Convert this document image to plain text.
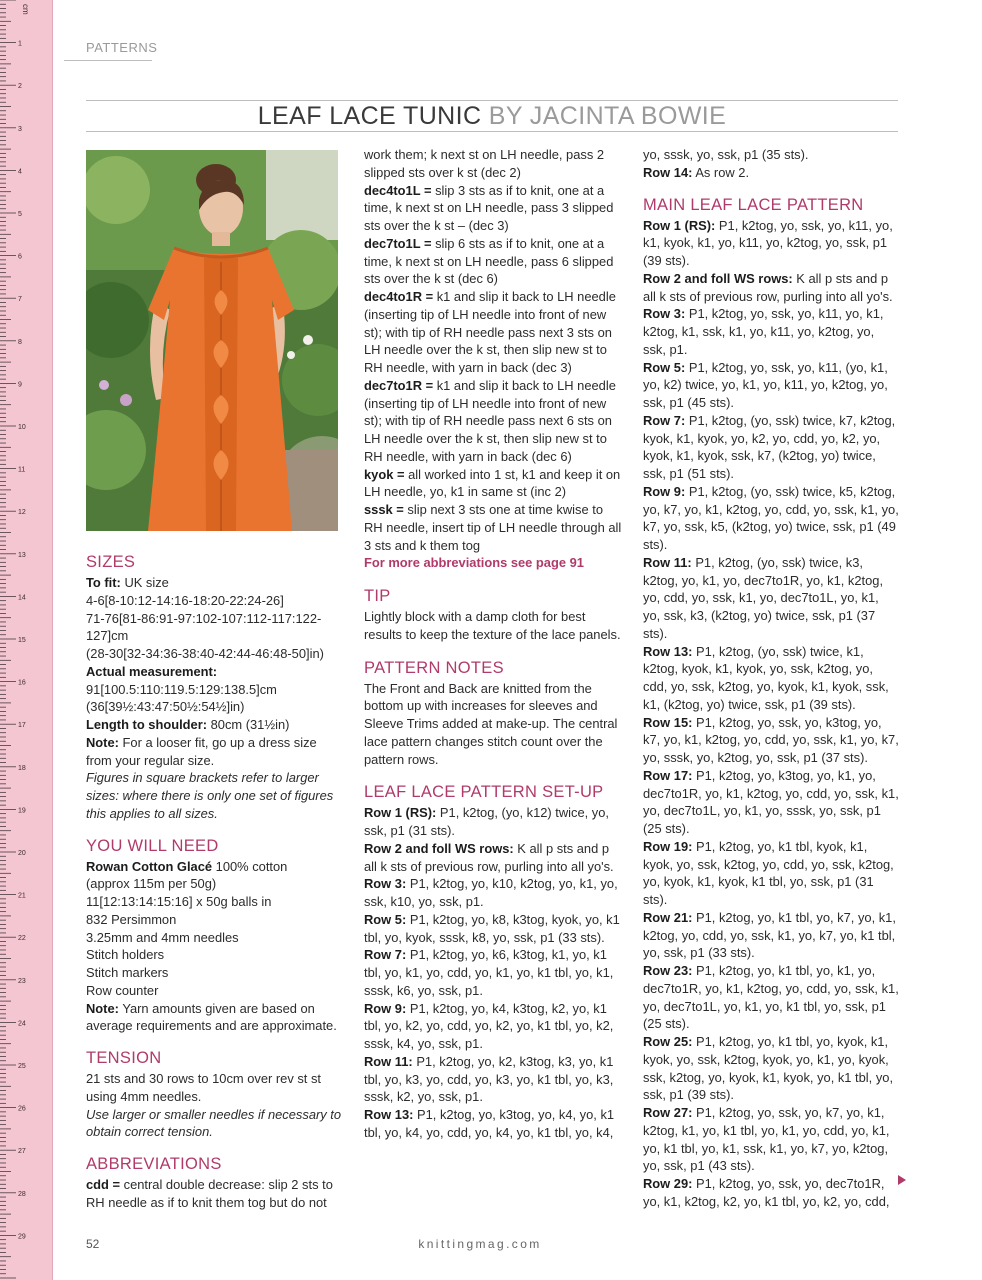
1
2
3
4
5
6
7
8
9
10
11
12
13
14
15
16
17
18
19
20
21
22
23
24
25
26
27
28
29
cm
PATTERNS
LEAF LACE TUNIC BY JACINTA BOWIE
SIZES

To fit: UK size

4-6[8-10:12-14:16-18:20-22:24-26]

71-76[81-86:91-97:102-107:112-117:122-127]cm

(28-30[32-34:36-38:40-42:44-46:48-50]in)

Actual measurement:

91[100.5:110:119.5:129:138.5]cm

(36[39½:43:47:50½:54½]in)

Length to shoulder: 80cm (31½in)

Note: For a looser fit, go up a dress size from your regular size.

Figures in square brackets refer to larger sizes: where there is only one set of figures this applies to all sizes.

YOU WILL NEED

Rowan Cotton Glacé 100% cotton

(approx 115m per 50g)

11[12:13:14:15:16] x 50g balls in

832 Persimmon

3.25mm and 4mm needles

Stitch holders

Stitch markers

Row counter

Note: Yarn amounts given are based on average requirements and are approximate.

TENSION

21 sts and 30 rows to 10cm over rev st st using 4mm needles.

Use larger or smaller needles if necessary to obtain correct tension.

ABBREVIATIONS

cdd = central double decrease: slip 2 sts to RH needle as if to knit them tog but do not

work them; k next st on LH needle, pass 2 slipped sts over k st (dec 2)

dec4to1L = slip 3 sts as if to knit, one at a time, k next st on LH needle, pass 3 slipped sts over the k st – (dec 3)

dec7to1L = slip 6 sts as if to knit, one at a time, k next st on LH needle, pass 6 slipped sts over the k st (dec 6)

dec4to1R = k1 and slip it back to LH needle (inserting tip of LH needle into front of new st); with tip of RH needle pass next 3 sts on LH needle over the k st, then slip new st to RH needle, with yarn in back (dec 3)

dec7to1R = k1 and slip it back to LH needle (inserting tip of LH needle into front of new st); with tip of RH needle pass next 6 sts on LH needle over the k st, then slip new st to RH needle, with yarn in back (dec 6)

kyok = all worked into 1 st, k1 and keep it on LH needle, yo, k1 in same st (inc 2)

sssk = slip next 3 sts one at time kwise to RH needle, insert tip of LH needle through all 3 sts and k them tog

For more abbreviations see page 91

TIP

Lightly block with a damp cloth for best results to keep the texture of the lace panels.

PATTERN NOTES

The Front and Back are knitted from the bottom up with increases for sleeves and Sleeve Trims added at make-up. The central lace pattern changes stitch count over the pattern rows.

LEAF LACE PATTERN SET-UP

Row 1 (RS): P1, k2tog, (yo, k12) twice, yo, ssk, p1 (31 sts).

Row 2 and foll WS rows: K all p sts and p all k sts of previous row, purling into all yo's.

Row 3: P1, k2tog, yo, k10, k2tog, yo, k1, yo, ssk, k10, yo, ssk, p1.

Row 5: P1, k2tog, yo, k8, k3tog, kyok, yo, k1 tbl, yo, kyok, sssk, k8, yo, ssk, p1 (33 sts).

Row 7: P1, k2tog, yo, k6, k3tog, k1, yo, k1 tbl, yo, k1, yo, cdd, yo, k1, yo, k1 tbl, yo, k1, sssk, k6, yo, ssk, p1.

Row 9: P1, k2tog, yo, k4, k3tog, k2, yo, k1 tbl, yo, k2, yo, cdd, yo, k2, yo, k1 tbl, yo, k2, sssk, k4, yo, ssk, p1.

Row 11: P1, k2tog, yo, k2, k3tog, k3, yo, k1 tbl, yo, k3, yo, cdd, yo, k3, yo, k1 tbl, yo, k3, sssk, k2, yo, ssk, p1.

Row 13: P1, k2tog, yo, k3tog, yo, k4, yo, k1 tbl, yo, k4, yo, cdd, yo, k4, yo, k1 tbl, yo, k4,

yo, sssk, yo, ssk, p1 (35 sts).

Row 14: As row 2.

MAIN LEAF LACE PATTERN

Row 1 (RS): P1, k2tog, yo, ssk, yo, k11, yo, k1, kyok, k1, yo, k11, yo, k2tog, yo, ssk, p1 (39 sts).

Row 2 and foll WS rows: K all p sts and p all k sts of previous row, purling into all yo's.

Row 3: P1, k2tog, yo, ssk, yo, k11, yo, k1, k2tog, k1, ssk, k1, yo, k11, yo, k2tog, yo, ssk, p1.

Row 5: P1, k2tog, yo, ssk, yo, k11, (yo, k1, yo, k2) twice, yo, k1, yo, k11, yo, k2tog, yo, ssk, p1 (45 sts).

Row 7: P1, k2tog, (yo, ssk) twice, k7, k2tog, kyok, k1, kyok, yo, k2, yo, cdd, yo, k2, yo, kyok, k1, kyok, ssk, k7, (k2tog, yo) twice, ssk, p1 (51 sts).

Row 9: P1, k2tog, (yo, ssk) twice, k5, k2tog, yo, k7, yo, k1, k2tog, yo, cdd, yo, ssk, k1, yo, k7, yo, ssk, k5, (k2tog, yo) twice, ssk, p1 (49 sts).

Row 11: P1, k2tog, (yo, ssk) twice, k3, k2tog, yo, k1, yo, dec7to1R, yo, k1, k2tog, yo, cdd, yo, ssk, k1, yo, dec7to1L, yo, k1, yo, ssk, k3, (k2tog, yo) twice, ssk, p1 (37 sts).

Row 13: P1, k2tog, (yo, ssk) twice, k1, k2tog, kyok, k1, kyok, yo, ssk, k2tog, yo, cdd, yo, ssk, k2tog, yo, kyok, k1, kyok, ssk, k1, (k2tog, yo) twice, ssk, p1 (39 sts).

Row 15: P1, k2tog, yo, ssk, yo, k3tog, yo, k7, yo, k1, k2tog, yo, cdd, yo, ssk, k1, yo, k7, yo, sssk, yo, k2tog, yo, ssk, p1 (37 sts).

Row 17: P1, k2tog, yo, k3tog, yo, k1, yo, dec7to1R, yo, k1, k2tog, yo, cdd, yo, ssk, k1, yo, dec7to1L, yo, k1, yo, sssk, yo, ssk, p1 (25 sts).

Row 19: P1, k2tog, yo, k1 tbl, kyok, k1, kyok, yo, ssk, k2tog, yo, cdd, yo, ssk, k2tog, yo, kyok, k1, kyok, k1 tbl, yo, ssk, p1 (31 sts).

Row 21: P1, k2tog, yo, k1 tbl, yo, k7, yo, k1, k2tog, yo, cdd, yo, ssk, k1, yo, k7, yo, k1 tbl, yo, ssk, p1 (33 sts).

Row 23: P1, k2tog, yo, k1 tbl, yo, k1, yo, dec7to1R, yo, k1, k2tog, yo, cdd, yo, ssk, k1, yo, dec7to1L, yo, k1, yo, k1 tbl, yo, ssk, p1 (25 sts).

Row 25: P1, k2tog, yo, k1 tbl, yo, kyok, k1, kyok, yo, ssk, k2tog, kyok, yo, k1, yo, kyok, ssk, k2tog, yo, kyok, k1, kyok, yo, k1 tbl, yo, ssk, p1 (39 sts).

Row 27: P1, k2tog, yo, ssk, yo, k7, yo, k1, k2tog, k1, yo, k1 tbl, yo, k1, yo, cdd, yo, k1, yo, k1 tbl, yo, k1, ssk, k1, yo, k7, yo, k2tog, yo, ssk, p1 (43 sts).

Row 29: P1, k2tog, yo, ssk, yo, dec7to1R, yo, k1, k2tog, k2, yo, k1 tbl, yo, k2, yo, cdd,

52	knittingmag.com
